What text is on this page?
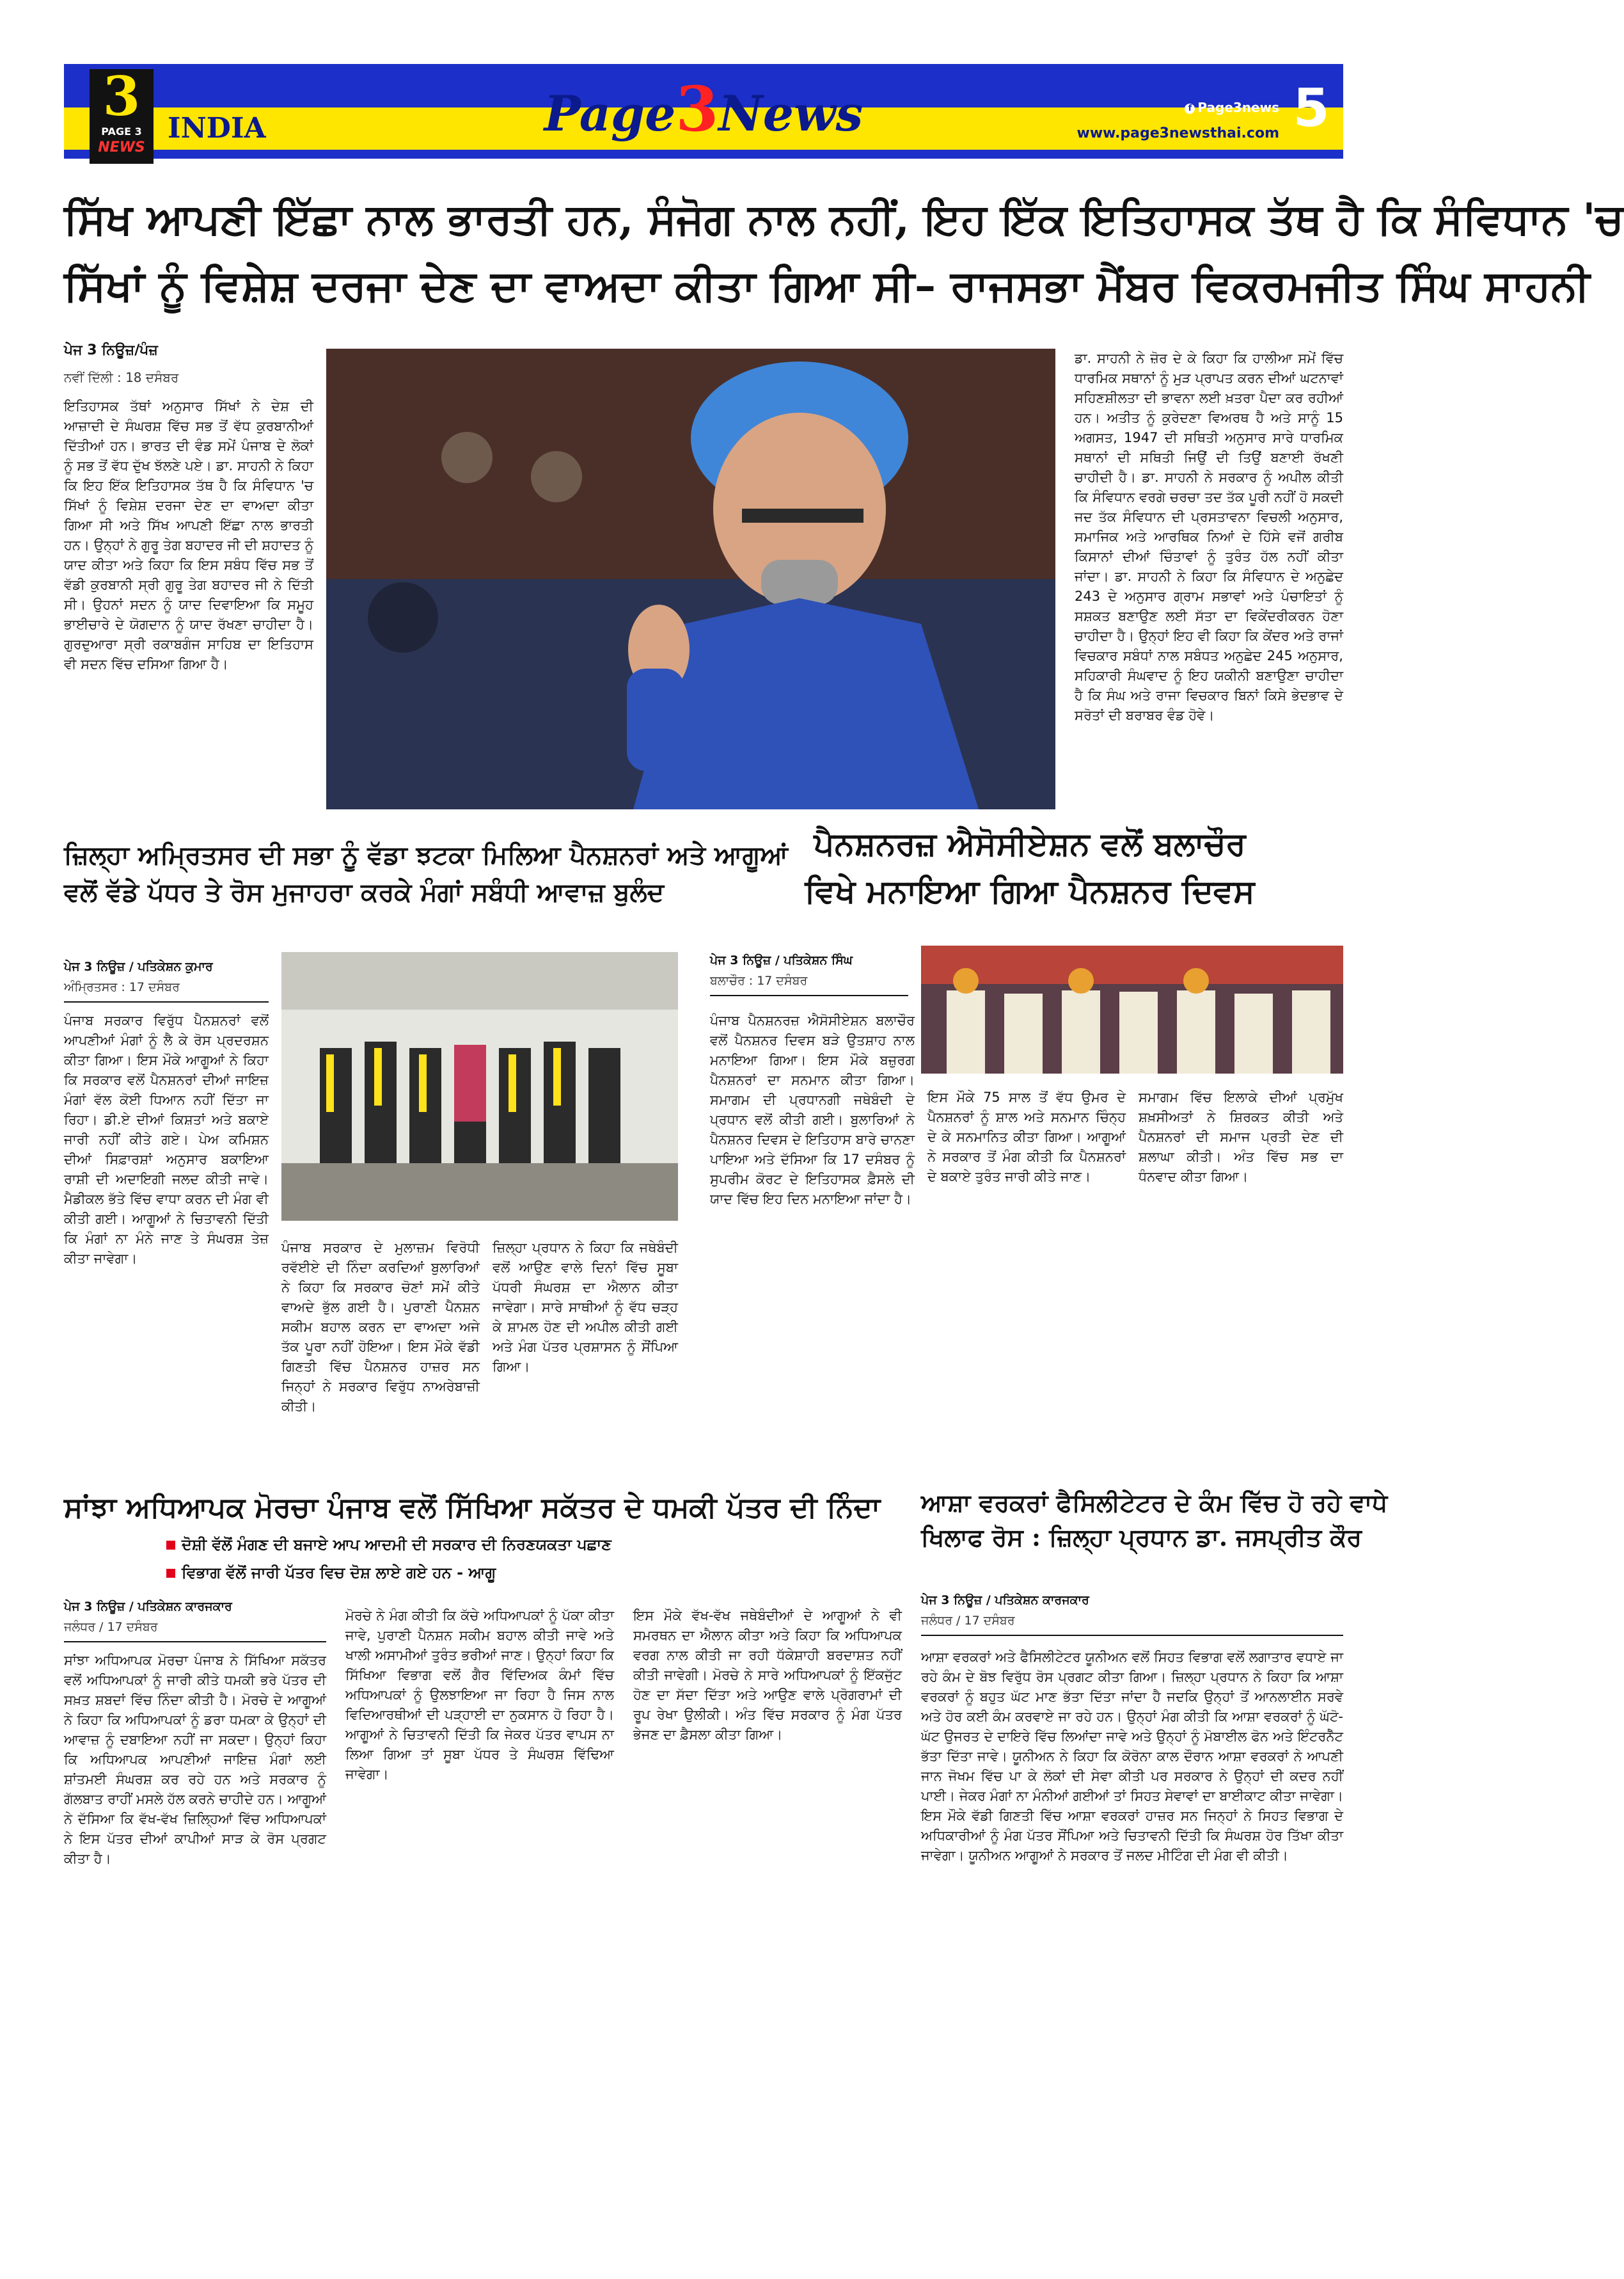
3
PAGE 3
NEWS
INDIA	Page3News	f Page3news
www.page3newsthai.com 5
ਸਿੱਖ ਆਪਣੀ ਇੱਛਾ ਨਾਲ ਭਾਰਤੀ ਹਨ, ਸੰਜੋਗ ਨਾਲ ਨਹੀਂ, ਇਹ ਇੱਕ ਇਤਿਹਾਸਕ ਤੱਥ ਹੈ ਕਿ ਸੰਵਿਧਾਨ 'ਚ
ਸਿੱਖਾਂ ਨੂੰ ਵਿਸ਼ੇਸ਼ ਦਰਜਾ ਦੇਣ ਦਾ ਵਾਅਦਾ ਕੀਤਾ ਗਿਆ ਸੀ– ਰਾਜਸਭਾ ਮੈਂਬਰ ਵਿਕਰਮਜੀਤ ਸਿੰਘ ਸਾਹਨੀ
ਪੇਜ 3 ਨਿਊਜ਼/ਪੰਜ਼
ਨਵੀਂ ਦਿੱਲੀ : 18 ਦਸੰਬਰ
ਇਤਿਹਾਸਕ ਤੱਥਾਂ ਅਨੁਸਾਰ ਸਿੱਖਾਂ ਨੇ ਦੇਸ਼ ਦੀ ਆਜ਼ਾਦੀ ਦੇ ਸੰਘਰਸ਼ ਵਿੱਚ ਸਭ ਤੋਂ ਵੱਧ ਕੁਰਬਾਨੀਆਂ ਦਿੱਤੀਆਂ ਹਨ। ਭਾਰਤ ਦੀ ਵੰਡ ਸਮੇਂ ਪੰਜਾਬ ਦੇ ਲੋਕਾਂ ਨੂੰ ਸਭ ਤੋਂ ਵੱਧ ਦੁੱਖ ਝੱਲਣੇ ਪਏ। ਡਾ. ਸਾਹਨੀ ਨੇ ਕਿਹਾ ਕਿ ਇਹ ਇੱਕ ਇਤਿਹਾਸਕ ਤੱਥ ਹੈ ਕਿ ਸੰਵਿਧਾਨ 'ਚ ਸਿੱਖਾਂ ਨੂੰ ਵਿਸ਼ੇਸ਼ ਦਰਜਾ ਦੇਣ ਦਾ ਵਾਅਦਾ ਕੀਤਾ ਗਿਆ ਸੀ ਅਤੇ ਸਿੱਖ ਆਪਣੀ ਇੱਛਾ ਨਾਲ ਭਾਰਤੀ ਹਨ। ਉਨ੍ਹਾਂ ਨੇ ਗੁਰੂ ਤੇਗ ਬਹਾਦਰ ਜੀ ਦੀ ਸ਼ਹਾਦਤ ਨੂੰ ਯਾਦ ਕੀਤਾ ਅਤੇ ਕਿਹਾ ਕਿ ਇਸ ਸਬੰਧ ਵਿੱਚ ਸਭ ਤੋਂ ਵੱਡੀ ਕੁਰਬਾਨੀ ਸ੍ਰੀ ਗੁਰੂ ਤੇਗ ਬਹਾਦਰ ਜੀ ਨੇ ਦਿੱਤੀ ਸੀ। ਉਹਨਾਂ ਸਦਨ ਨੂੰ ਯਾਦ ਦਿਵਾਇਆ ਕਿ ਸਮੂਹ ਭਾਈਚਾਰੇ ਦੇ ਯੋਗਦਾਨ ਨੂੰ ਯਾਦ ਰੱਖਣਾ ਚਾਹੀਦਾ ਹੈ। ਗੁਰਦੁਆਰਾ ਸ੍ਰੀ ਰਕਾਬਗੰਜ ਸਾਹਿਬ ਦਾ ਇਤਿਹਾਸ ਵੀ ਸਦਨ ਵਿੱਚ ਦਸਿਆ ਗਿਆ ਹੈ।
ਡਾ. ਸਾਹਨੀ ਨੇ ਜ਼ੋਰ ਦੇ ਕੇ ਕਿਹਾ ਕਿ ਹਾਲੀਆ ਸਮੇਂ ਵਿੱਚ ਧਾਰਮਿਕ ਸਥਾਨਾਂ ਨੂੰ ਮੁੜ ਪ੍ਰਾਪਤ ਕਰਨ ਦੀਆਂ ਘਟਨਾਵਾਂ ਸਹਿਣਸ਼ੀਲਤਾ ਦੀ ਭਾਵਨਾ ਲਈ ਖ਼ਤਰਾ ਪੈਦਾ ਕਰ ਰਹੀਆਂ ਹਨ। ਅਤੀਤ ਨੂੰ ਕੁਰੇਦਣਾ ਵਿਅਰਥ ਹੈ ਅਤੇ ਸਾਨੂੰ 15 ਅਗਸਤ, 1947 ਦੀ ਸਥਿਤੀ ਅਨੁਸਾਰ ਸਾਰੇ ਧਾਰਮਿਕ ਸਥਾਨਾਂ ਦੀ ਸਥਿਤੀ ਜਿਉਂ ਦੀ ਤਿਉਂ ਬਣਾਈ ਰੱਖਣੀ ਚਾਹੀਦੀ ਹੈ। ਡਾ. ਸਾਹਨੀ ਨੇ ਸਰਕਾਰ ਨੂੰ ਅਪੀਲ ਕੀਤੀ ਕਿ ਸੰਵਿਧਾਨ ਵਰਗੇ ਚਰਚਾ ਤਦ ਤੱਕ ਪੂਰੀ ਨਹੀਂ ਹੋ ਸਕਦੀ ਜਦ ਤੱਕ ਸੰਵਿਧਾਨ ਦੀ ਪ੍ਰਸਤਾਵਨਾ ਵਿਚਲੀ ਅਨੁਸਾਰ, ਸਮਾਜਿਕ ਅਤੇ ਆਰਥਿਕ ਨਿਆਂ ਦੇ ਹਿੱਸੇ ਵਜੋਂ ਗਰੀਬ ਕਿਸਾਨਾਂ ਦੀਆਂ ਚਿੰਤਾਵਾਂ ਨੂੰ ਤੁਰੰਤ ਹੱਲ ਨਹੀਂ ਕੀਤਾ ਜਾਂਦਾ। ਡਾ. ਸਾਹਨੀ ਨੇ ਕਿਹਾ ਕਿ ਸੰਵਿਧਾਨ ਦੇ ਅਨੁਛੇਦ 243 ਦੇ ਅਨੁਸਾਰ ਗ੍ਰਾਮ ਸਭਾਵਾਂ ਅਤੇ ਪੰਚਾਇਤਾਂ ਨੂੰ ਸਸ਼ਕਤ ਬਣਾਉਣ ਲਈ ਸੱਤਾ ਦਾ ਵਿਕੇਂਦਰੀਕਰਨ ਹੋਣਾ ਚਾਹੀਦਾ ਹੈ। ਉਨ੍ਹਾਂ ਇਹ ਵੀ ਕਿਹਾ ਕਿ ਕੇਂਦਰ ਅਤੇ ਰਾਜਾਂ ਵਿਚਕਾਰ ਸਬੰਧਾਂ ਨਾਲ ਸਬੰਧਤ ਅਨੁਛੇਦ 245 ਅਨੁਸਾਰ, ਸਹਿਕਾਰੀ ਸੰਘਵਾਦ ਨੂੰ ਇਹ ਯਕੀਨੀ ਬਣਾਉਣਾ ਚਾਹੀਦਾ ਹੈ ਕਿ ਸੰਘ ਅਤੇ ਰਾਜਾ ਵਿਚਕਾਰ ਬਿਨਾਂ ਕਿਸੇ ਭੇਦਭਾਵ ਦੇ ਸਰੋਤਾਂ ਦੀ ਬਰਾਬਰ ਵੰਡ ਹੋਵੇ।
ਜ਼ਿਲ੍ਹਾ ਅਮ੍ਰਿਤਸਰ ਦੀ ਸਭਾ ਨੂੰ ਵੱਡਾ ਝਟਕਾ ਮਿਲਿਆ ਪੈਨਸ਼ਨਰਾਂ ਅਤੇ ਆਗੂਆਂ
ਵਲੋਂ ਵੱਡੇ ਪੱਧਰ ਤੇ ਰੋਸ ਮੁਜਾਹਰਾ ਕਰਕੇ ਮੰਗਾਂ ਸਬੰਧੀ ਆਵਾਜ਼ ਬੁਲੰਦ
ਪੇਜ 3 ਨਿਊਜ਼ / ਪਤਿਕੇਸ਼ਨ ਕੁਮਾਰ
ਅੰਮ੍ਰਿਤਸਰ : 17 ਦਸੰਬਰ
ਪੰਜਾਬ ਸਰਕਾਰ ਵਿਰੁੱਧ ਪੈਨਸ਼ਨਰਾਂ ਵਲੋਂ ਆਪਣੀਆਂ ਮੰਗਾਂ ਨੂੰ ਲੈ ਕੇ ਰੋਸ ਪ੍ਰਦਰਸ਼ਨ ਕੀਤਾ ਗਿਆ। ਇਸ ਮੌਕੇ ਆਗੂਆਂ ਨੇ ਕਿਹਾ ਕਿ ਸਰਕਾਰ ਵਲੋਂ ਪੈਨਸ਼ਨਰਾਂ ਦੀਆਂ ਜਾਇਜ਼ ਮੰਗਾਂ ਵੱਲ ਕੋਈ ਧਿਆਨ ਨਹੀਂ ਦਿੱਤਾ ਜਾ ਰਿਹਾ। ਡੀ.ਏ ਦੀਆਂ ਕਿਸ਼ਤਾਂ ਅਤੇ ਬਕਾਏ ਜਾਰੀ ਨਹੀਂ ਕੀਤੇ ਗਏ। ਪੇਅ ਕਮਿਸ਼ਨ ਦੀਆਂ ਸਿਫ਼ਾਰਸ਼ਾਂ ਅਨੁਸਾਰ ਬਕਾਇਆ ਰਾਸ਼ੀ ਦੀ ਅਦਾਇਗੀ ਜਲਦ ਕੀਤੀ ਜਾਵੇ। ਮੈਡੀਕਲ ਭੱਤੇ ਵਿੱਚ ਵਾਧਾ ਕਰਨ ਦੀ ਮੰਗ ਵੀ ਕੀਤੀ ਗਈ। ਆਗੂਆਂ ਨੇ ਚਿਤਾਵਨੀ ਦਿੱਤੀ ਕਿ ਮੰਗਾਂ ਨਾ ਮੰਨੇ ਜਾਣ ਤੇ ਸੰਘਰਸ਼ ਤੇਜ਼ ਕੀਤਾ ਜਾਵੇਗਾ।
ਪੰਜਾਬ ਸਰਕਾਰ ਦੇ ਮੁਲਾਜ਼ਮ ਵਿਰੋਧੀ ਰਵੱਈਏ ਦੀ ਨਿੰਦਾ ਕਰਦਿਆਂ ਬੁਲਾਰਿਆਂ ਨੇ ਕਿਹਾ ਕਿ ਸਰਕਾਰ ਚੋਣਾਂ ਸਮੇਂ ਕੀਤੇ ਵਾਅਦੇ ਭੁੱਲ ਗਈ ਹੈ। ਪੁਰਾਣੀ ਪੈਨਸ਼ਨ ਸਕੀਮ ਬਹਾਲ ਕਰਨ ਦਾ ਵਾਅਦਾ ਅਜੇ ਤੱਕ ਪੂਰਾ ਨਹੀਂ ਹੋਇਆ। ਇਸ ਮੌਕੇ ਵੱਡੀ ਗਿਣਤੀ ਵਿੱਚ ਪੈਨਸ਼ਨਰ ਹਾਜ਼ਰ ਸਨ ਜਿਨ੍ਹਾਂ ਨੇ ਸਰਕਾਰ ਵਿਰੁੱਧ ਨਾਅਰੇਬਾਜ਼ੀ ਕੀਤੀ।
ਜ਼ਿਲ੍ਹਾ ਪ੍ਰਧਾਨ ਨੇ ਕਿਹਾ ਕਿ ਜਥੇਬੰਦੀ ਵਲੋਂ ਆਉਣ ਵਾਲੇ ਦਿਨਾਂ ਵਿੱਚ ਸੂਬਾ ਪੱਧਰੀ ਸੰਘਰਸ਼ ਦਾ ਐਲਾਨ ਕੀਤਾ ਜਾਵੇਗਾ। ਸਾਰੇ ਸਾਥੀਆਂ ਨੂੰ ਵੱਧ ਚੜ੍ਹ ਕੇ ਸ਼ਾਮਲ ਹੋਣ ਦੀ ਅਪੀਲ ਕੀਤੀ ਗਈ ਅਤੇ ਮੰਗ ਪੱਤਰ ਪ੍ਰਸ਼ਾਸਨ ਨੂੰ ਸੌਂਪਿਆ ਗਿਆ।
ਪੈਨਸ਼ਨਰਜ਼ ਐਸੋਸੀਏਸ਼ਨ ਵਲੋਂ ਬਲਾਚੌਰ
ਵਿਖੇ ਮਨਾਇਆ ਗਿਆ ਪੈਨਸ਼ਨਰ ਦਿਵਸ
ਪੇਜ 3 ਨਿਊਜ਼ / ਪਤਿਕੇਸ਼ਨ ਸਿੰਘ
ਬਲਾਚੌਰ : 17 ਦਸੰਬਰ
ਪੰਜਾਬ ਪੈਨਸ਼ਨਰਜ਼ ਐਸੋਸੀਏਸ਼ਨ ਬਲਾਚੌਰ ਵਲੋਂ ਪੈਨਸ਼ਨਰ ਦਿਵਸ ਬੜੇ ਉਤਸ਼ਾਹ ਨਾਲ ਮਨਾਇਆ ਗਿਆ। ਇਸ ਮੌਕੇ ਬਜ਼ੁਰਗ ਪੈਨਸ਼ਨਰਾਂ ਦਾ ਸਨਮਾਨ ਕੀਤਾ ਗਿਆ। ਸਮਾਗਮ ਦੀ ਪ੍ਰਧਾਨਗੀ ਜਥੇਬੰਦੀ ਦੇ ਪ੍ਰਧਾਨ ਵਲੋਂ ਕੀਤੀ ਗਈ। ਬੁਲਾਰਿਆਂ ਨੇ ਪੈਨਸ਼ਨਰ ਦਿਵਸ ਦੇ ਇਤਿਹਾਸ ਬਾਰੇ ਚਾਨਣਾ ਪਾਇਆ ਅਤੇ ਦੱਸਿਆ ਕਿ 17 ਦਸੰਬਰ ਨੂੰ ਸੁਪਰੀਮ ਕੋਰਟ ਦੇ ਇਤਿਹਾਸਕ ਫ਼ੈਸਲੇ ਦੀ ਯਾਦ ਵਿੱਚ ਇਹ ਦਿਨ ਮਨਾਇਆ ਜਾਂਦਾ ਹੈ।
ਇਸ ਮੌਕੇ 75 ਸਾਲ ਤੋਂ ਵੱਧ ਉਮਰ ਦੇ ਪੈਨਸ਼ਨਰਾਂ ਨੂੰ ਸ਼ਾਲ ਅਤੇ ਸਨਮਾਨ ਚਿੰਨ੍ਹ ਦੇ ਕੇ ਸਨਮਾਨਿਤ ਕੀਤਾ ਗਿਆ। ਆਗੂਆਂ ਨੇ ਸਰਕਾਰ ਤੋਂ ਮੰਗ ਕੀਤੀ ਕਿ ਪੈਨਸ਼ਨਰਾਂ ਦੇ ਬਕਾਏ ਤੁਰੰਤ ਜਾਰੀ ਕੀਤੇ ਜਾਣ।
ਸਮਾਗਮ ਵਿੱਚ ਇਲਾਕੇ ਦੀਆਂ ਪ੍ਰਮੁੱਖ ਸ਼ਖ਼ਸੀਅਤਾਂ ਨੇ ਸ਼ਿਰਕਤ ਕੀਤੀ ਅਤੇ ਪੈਨਸ਼ਨਰਾਂ ਦੀ ਸਮਾਜ ਪ੍ਰਤੀ ਦੇਣ ਦੀ ਸ਼ਲਾਘਾ ਕੀਤੀ। ਅੰਤ ਵਿੱਚ ਸਭ ਦਾ ਧੰਨਵਾਦ ਕੀਤਾ ਗਿਆ।
ਸਾਂਝਾ ਅਧਿਆਪਕ ਮੋਰਚਾ ਪੰਜਾਬ ਵਲੋਂ ਸਿੱਖਿਆ ਸਕੱਤਰ ਦੇ ਧਮਕੀ ਪੱਤਰ ਦੀ ਨਿੰਦਾ
ਦੋਸ਼ੀ ਵੱਲੋਂ ਮੰਗਣ ਦੀ ਬਜਾਏ ਆਪ ਆਦਮੀ ਦੀ ਸਰਕਾਰ ਦੀ ਨਿਰਣਯਕਤਾ ਪਛਾਣ
ਵਿਭਾਗ ਵੱਲੋਂ ਜਾਰੀ ਪੱਤਰ ਵਿਚ ਦੋਸ਼ ਲਾਏ ਗਏ ਹਨ - ਆਗੂ
ਪੇਜ 3 ਨਿਊਜ਼ / ਪਤਿਕੇਸ਼ਨ ਕਾਰਜਕਾਰ
ਜਲੰਧਰ / 17 ਦਸੰਬਰ
ਸਾਂਝਾ ਅਧਿਆਪਕ ਮੋਰਚਾ ਪੰਜਾਬ ਨੇ ਸਿੱਖਿਆ ਸਕੱਤਰ ਵਲੋਂ ਅਧਿਆਪਕਾਂ ਨੂੰ ਜਾਰੀ ਕੀਤੇ ਧਮਕੀ ਭਰੇ ਪੱਤਰ ਦੀ ਸਖ਼ਤ ਸ਼ਬਦਾਂ ਵਿੱਚ ਨਿੰਦਾ ਕੀਤੀ ਹੈ। ਮੋਰਚੇ ਦੇ ਆਗੂਆਂ ਨੇ ਕਿਹਾ ਕਿ ਅਧਿਆਪਕਾਂ ਨੂੰ ਡਰਾ ਧਮਕਾ ਕੇ ਉਨ੍ਹਾਂ ਦੀ ਆਵਾਜ਼ ਨੂੰ ਦਬਾਇਆ ਨਹੀਂ ਜਾ ਸਕਦਾ। ਉਨ੍ਹਾਂ ਕਿਹਾ ਕਿ ਅਧਿਆਪਕ ਆਪਣੀਆਂ ਜਾਇਜ਼ ਮੰਗਾਂ ਲਈ ਸ਼ਾਂਤਮਈ ਸੰਘਰਸ਼ ਕਰ ਰਹੇ ਹਨ ਅਤੇ ਸਰਕਾਰ ਨੂੰ ਗੱਲਬਾਤ ਰਾਹੀਂ ਮਸਲੇ ਹੱਲ ਕਰਨੇ ਚਾਹੀਦੇ ਹਨ। ਆਗੂਆਂ ਨੇ ਦੱਸਿਆ ਕਿ ਵੱਖ-ਵੱਖ ਜ਼ਿਲ੍ਹਿਆਂ ਵਿੱਚ ਅਧਿਆਪਕਾਂ ਨੇ ਇਸ ਪੱਤਰ ਦੀਆਂ ਕਾਪੀਆਂ ਸਾੜ ਕੇ ਰੋਸ ਪ੍ਰਗਟ ਕੀਤਾ ਹੈ।
ਮੋਰਚੇ ਨੇ ਮੰਗ ਕੀਤੀ ਕਿ ਕੱਚੇ ਅਧਿਆਪਕਾਂ ਨੂੰ ਪੱਕਾ ਕੀਤਾ ਜਾਵੇ, ਪੁਰਾਣੀ ਪੈਨਸ਼ਨ ਸਕੀਮ ਬਹਾਲ ਕੀਤੀ ਜਾਵੇ ਅਤੇ ਖਾਲੀ ਅਸਾਮੀਆਂ ਤੁਰੰਤ ਭਰੀਆਂ ਜਾਣ। ਉਨ੍ਹਾਂ ਕਿਹਾ ਕਿ ਸਿੱਖਿਆ ਵਿਭਾਗ ਵਲੋਂ ਗੈਰ ਵਿੱਦਿਅਕ ਕੰਮਾਂ ਵਿੱਚ ਅਧਿਆਪਕਾਂ ਨੂੰ ਉਲਝਾਇਆ ਜਾ ਰਿਹਾ ਹੈ ਜਿਸ ਨਾਲ ਵਿਦਿਆਰਥੀਆਂ ਦੀ ਪੜ੍ਹਾਈ ਦਾ ਨੁਕਸਾਨ ਹੋ ਰਿਹਾ ਹੈ। ਆਗੂਆਂ ਨੇ ਚਿਤਾਵਨੀ ਦਿੱਤੀ ਕਿ ਜੇਕਰ ਪੱਤਰ ਵਾਪਸ ਨਾ ਲਿਆ ਗਿਆ ਤਾਂ ਸੂਬਾ ਪੱਧਰ ਤੇ ਸੰਘਰਸ਼ ਵਿੱਢਿਆ ਜਾਵੇਗਾ।
ਇਸ ਮੌਕੇ ਵੱਖ-ਵੱਖ ਜਥੇਬੰਦੀਆਂ ਦੇ ਆਗੂਆਂ ਨੇ ਵੀ ਸਮਰਥਨ ਦਾ ਐਲਾਨ ਕੀਤਾ ਅਤੇ ਕਿਹਾ ਕਿ ਅਧਿਆਪਕ ਵਰਗ ਨਾਲ ਕੀਤੀ ਜਾ ਰਹੀ ਧੱਕੇਸ਼ਾਹੀ ਬਰਦਾਸ਼ਤ ਨਹੀਂ ਕੀਤੀ ਜਾਵੇਗੀ। ਮੋਰਚੇ ਨੇ ਸਾਰੇ ਅਧਿਆਪਕਾਂ ਨੂੰ ਇੱਕਜੁੱਟ ਹੋਣ ਦਾ ਸੱਦਾ ਦਿੱਤਾ ਅਤੇ ਆਉਣ ਵਾਲੇ ਪ੍ਰੋਗਰਾਮਾਂ ਦੀ ਰੂਪ ਰੇਖਾ ਉਲੀਕੀ। ਅੰਤ ਵਿੱਚ ਸਰਕਾਰ ਨੂੰ ਮੰਗ ਪੱਤਰ ਭੇਜਣ ਦਾ ਫ਼ੈਸਲਾ ਕੀਤਾ ਗਿਆ।
ਆਸ਼ਾ ਵਰਕਰਾਂ ਫੈਸਿਲੀਟੇਟਰ ਦੇ ਕੰਮ ਵਿੱਚ ਹੋ ਰਹੇ ਵਾਧੇ
ਖਿਲਾਫ ਰੋਸ : ਜ਼ਿਲ੍ਹਾ ਪ੍ਰਧਾਨ ਡਾ. ਜਸਪ੍ਰੀਤ ਕੌਰ
ਪੇਜ 3 ਨਿਊਜ਼ / ਪਤਿਕੇਸ਼ਨ ਕਾਰਜਕਾਰ
ਜਲੰਧਰ / 17 ਦਸੰਬਰ
ਆਸ਼ਾ ਵਰਕਰਾਂ ਅਤੇ ਫੈਸਿਲੀਟੇਟਰ ਯੂਨੀਅਨ ਵਲੋਂ ਸਿਹਤ ਵਿਭਾਗ ਵਲੋਂ ਲਗਾਤਾਰ ਵਧਾਏ ਜਾ ਰਹੇ ਕੰਮ ਦੇ ਬੋਝ ਵਿਰੁੱਧ ਰੋਸ ਪ੍ਰਗਟ ਕੀਤਾ ਗਿਆ। ਜ਼ਿਲ੍ਹਾ ਪ੍ਰਧਾਨ ਨੇ ਕਿਹਾ ਕਿ ਆਸ਼ਾ ਵਰਕਰਾਂ ਨੂੰ ਬਹੁਤ ਘੱਟ ਮਾਣ ਭੱਤਾ ਦਿੱਤਾ ਜਾਂਦਾ ਹੈ ਜਦਕਿ ਉਨ੍ਹਾਂ ਤੋਂ ਆਨਲਾਈਨ ਸਰਵੇ ਅਤੇ ਹੋਰ ਕਈ ਕੰਮ ਕਰਵਾਏ ਜਾ ਰਹੇ ਹਨ। ਉਨ੍ਹਾਂ ਮੰਗ ਕੀਤੀ ਕਿ ਆਸ਼ਾ ਵਰਕਰਾਂ ਨੂੰ ਘੱਟੋ-ਘੱਟ ਉਜਰਤ ਦੇ ਦਾਇਰੇ ਵਿੱਚ ਲਿਆਂਦਾ ਜਾਵੇ ਅਤੇ ਉਨ੍ਹਾਂ ਨੂੰ ਮੋਬਾਈਲ ਫੋਨ ਅਤੇ ਇੰਟਰਨੈੱਟ ਭੱਤਾ ਦਿੱਤਾ ਜਾਵੇ। ਯੂਨੀਅਨ ਨੇ ਕਿਹਾ ਕਿ ਕੋਰੋਨਾ ਕਾਲ ਦੌਰਾਨ ਆਸ਼ਾ ਵਰਕਰਾਂ ਨੇ ਆਪਣੀ ਜਾਨ ਜੋਖਮ ਵਿੱਚ ਪਾ ਕੇ ਲੋਕਾਂ ਦੀ ਸੇਵਾ ਕੀਤੀ ਪਰ ਸਰਕਾਰ ਨੇ ਉਨ੍ਹਾਂ ਦੀ ਕਦਰ ਨਹੀਂ ਪਾਈ। ਜੇਕਰ ਮੰਗਾਂ ਨਾ ਮੰਨੀਆਂ ਗਈਆਂ ਤਾਂ ਸਿਹਤ ਸੇਵਾਵਾਂ ਦਾ ਬਾਈਕਾਟ ਕੀਤਾ ਜਾਵੇਗਾ। ਇਸ ਮੌਕੇ ਵੱਡੀ ਗਿਣਤੀ ਵਿੱਚ ਆਸ਼ਾ ਵਰਕਰਾਂ ਹਾਜ਼ਰ ਸਨ ਜਿਨ੍ਹਾਂ ਨੇ ਸਿਹਤ ਵਿਭਾਗ ਦੇ ਅਧਿਕਾਰੀਆਂ ਨੂੰ ਮੰਗ ਪੱਤਰ ਸੌਂਪਿਆ ਅਤੇ ਚਿਤਾਵਨੀ ਦਿੱਤੀ ਕਿ ਸੰਘਰਸ਼ ਹੋਰ ਤਿੱਖਾ ਕੀਤਾ ਜਾਵੇਗਾ। ਯੂਨੀਅਨ ਆਗੂਆਂ ਨੇ ਸਰਕਾਰ ਤੋਂ ਜਲਦ ਮੀਟਿੰਗ ਦੀ ਮੰਗ ਵੀ ਕੀਤੀ।
